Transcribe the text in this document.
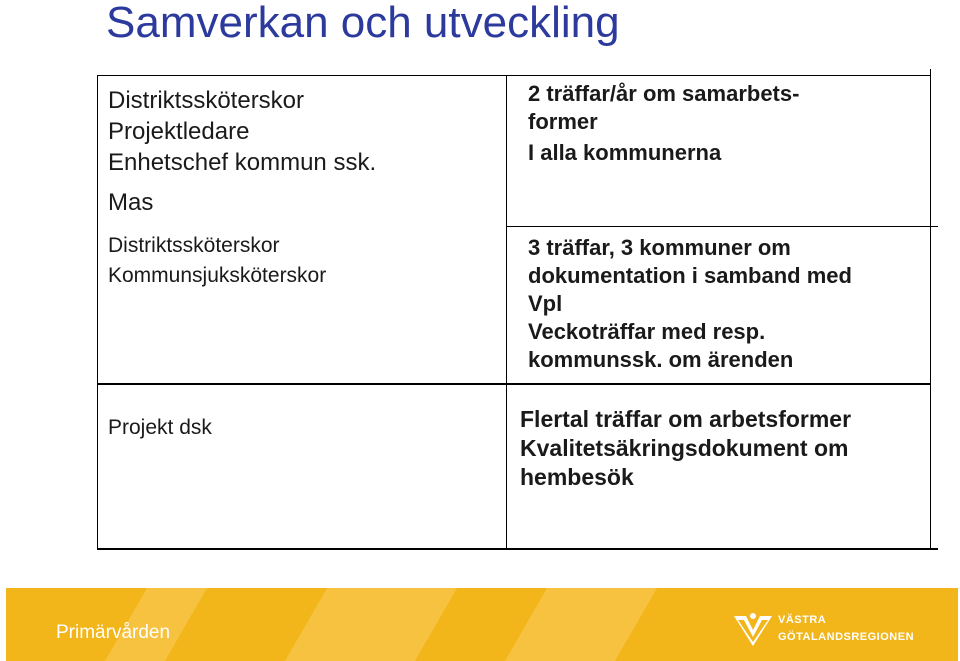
Samverkan och utveckling
Distriktssköterskor
Projektledare
Enhetschef kommun ssk.
Mas
Distriktssköterskor
Kommunsjuksköterskor
Projekt dsk
2 träffar/år om samarbets-
former
I alla kommunerna
3 träffar, 3 kommuner om
dokumentation i samband med
Vpl
Veckoträffar med resp.
kommunssk. om ärenden
Flertal träffar om arbetsformer
Kvalitetsäkringsdokument om
hembesök
Primärvården
VÄSTRA
GÖTALANDSREGIONEN
